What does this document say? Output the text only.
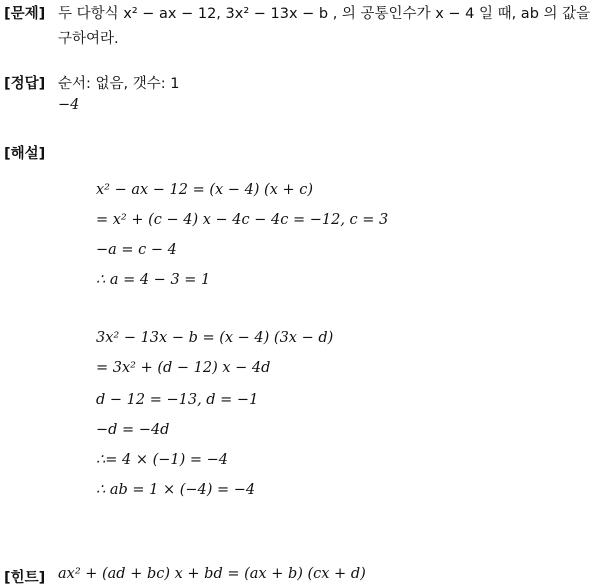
[문제] 두 다항식 x² − ax − 12, 3x² − 13x − b , 의 공통인수가 x − 4 일 때, ab 의 값을
구하여라.
[정답] 순서: 없음, 갯수: 1
−4
[해설]
x² − ax − 12 = (x − 4) (x + c)
= x² + (c − 4) x − 4c − 4c = −12, c = 3
−a = c − 4
∴ a = 4 − 3 = 1
3x² − 13x − b = (x − 4) (3x − d)
= 3x² + (d − 12) x − 4d
d − 12 = −13, d = −1
−d = −4d
∴= 4 × (−1) = −4
∴ ab = 1 × (−4) = −4
[힌트] ax² + (ad + bc) x + bd = (ax + b) (cx + d)
